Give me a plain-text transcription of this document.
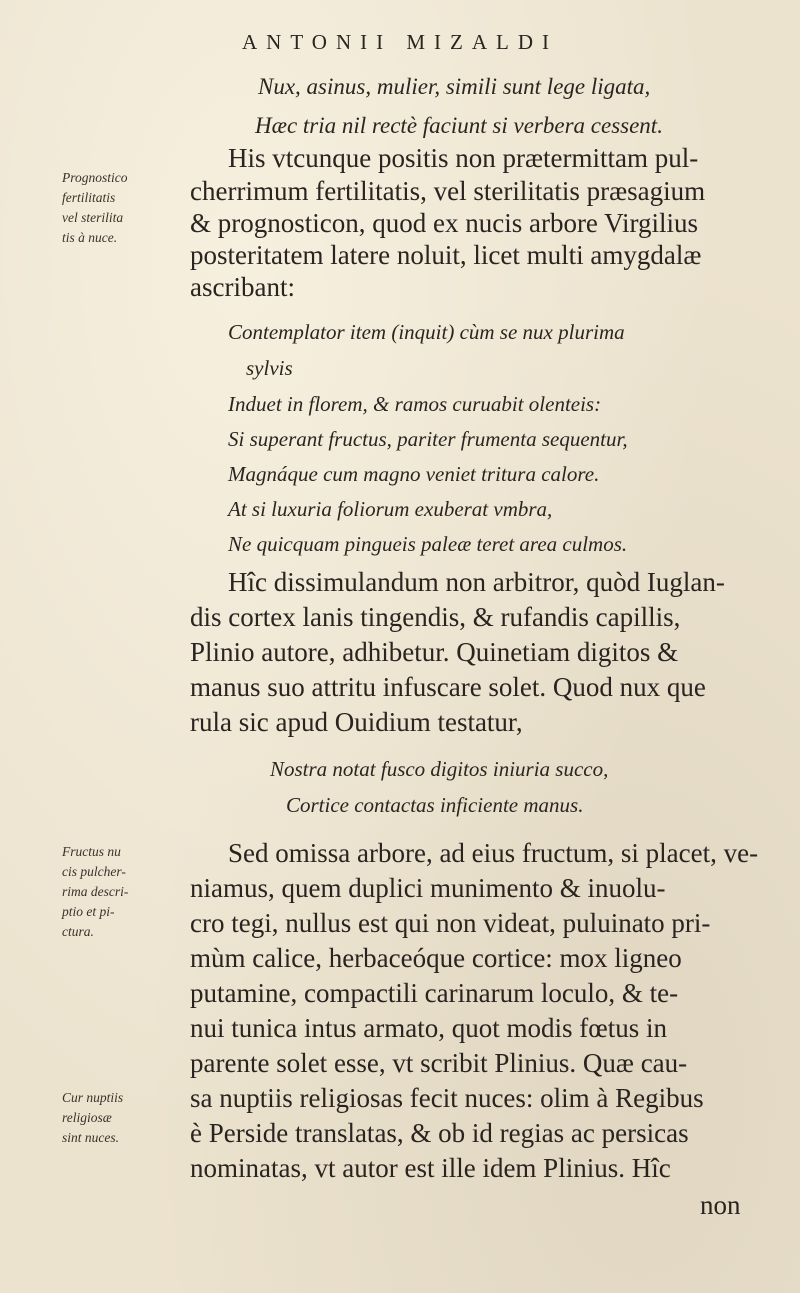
ANTONII MIZALDI
Nux, asinus, mulier, simili sunt lege ligata,
Hæc tria nil rectè faciunt si verbera cessent.
Prognostico
fertilitatis
vel sterilita
tis à nuce.
His vtcunque positis non prætermittam pul-
cherrimum fertilitatis, vel sterilitatis præsagium
& prognosticon, quod ex nucis arbore Virgilius
posteritatem latere noluit, licet multi amygdalæ
ascribant:
Contemplator item (inquit) cùm se nux plurima
sylvis
Induet in florem, & ramos curuabit olenteis:
Si superant fructus, pariter frumenta sequentur,
Magnáque cum magno veniet tritura calore.
At si luxuria foliorum exuberat vmbra,
Ne quicquam pingueis paleæ teret area culmos.
Hîc dissimulandum non arbitror, quòd Iuglan-
dis cortex lanis tingendis, & rufandis capillis,
Plinio autore, adhibetur. Quinetiam digitos &
manus suo attritu infuscare solet. Quod nux que
rula sic apud Ouidium testatur,
Nostra notat fusco digitos iniuria succo,
Cortice contactas inficiente manus.
Fructus nu
cis pulcher-
rima descri-
ptio et pi-
ctura.
Sed omissa arbore, ad eius fructum, si placet, ve-
niamus, quem duplici munimento & inuolu-
cro tegi, nullus est qui non videat, puluinato pri-
mùm calice, herbaceóque cortice: mox ligneo
putamine, compactili carinarum loculo, & te-
nui tunica intus armato, quot modis fœtus in
parente solet esse, vt scribit Plinius. Quæ cau-
sa nuptiis religiosas fecit nuces: olim à Regibus
è Perside translatas, & ob id regias ac persicas
nominatas, vt autor est ille idem Plinius. Hîc
Cur nuptiis
religiosæ
sint nuces.
non
